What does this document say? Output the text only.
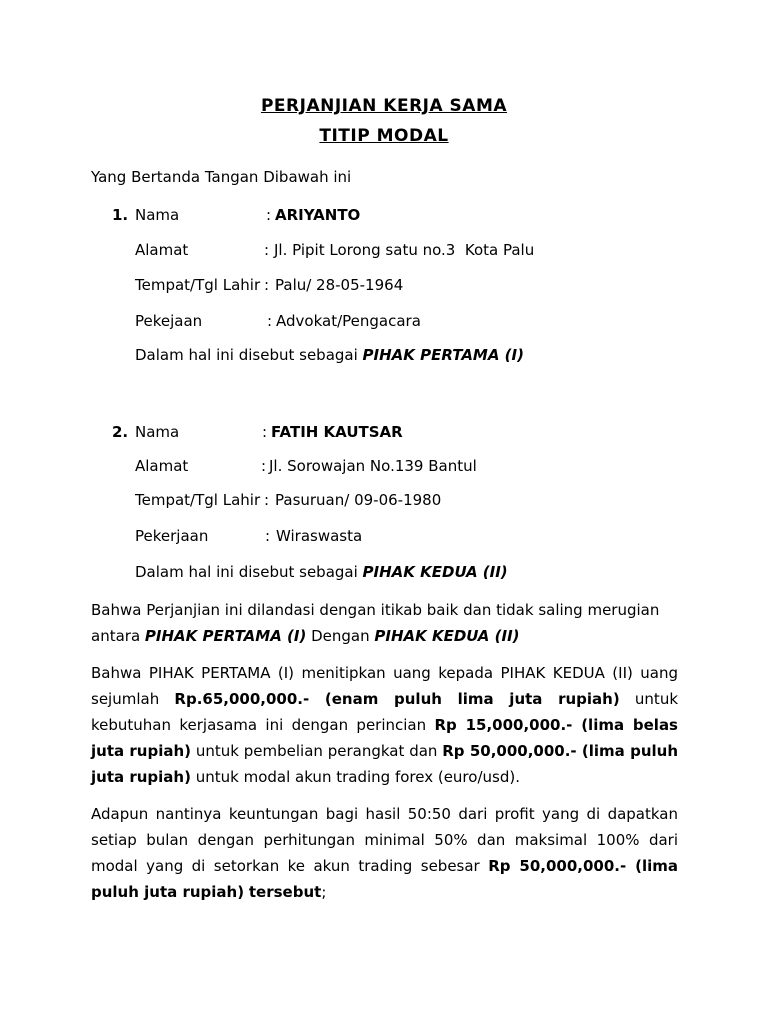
PERJANJIAN KERJA SAMA
TITIP MODAL
Yang Bertanda Tangan Dibawah ini
1. Nama	: ARIYANTO
Alamat	: Jl. Pipit Lorong satu no.3  Kota Palu
Tempat/Tgl Lahir : Palu/ 28-05-1964
Pekejaan	: Advokat/Pengacara
Dalam hal ini disebut sebagai PIHAK PERTAMA (I)
2. Nama	: FATIH KAUTSAR
Alamat	: Jl. Sorowajan No.139 Bantul
Tempat/Tgl Lahir : Pasuruan/ 09-06-1980
Pekerjaan	: Wiraswasta
Dalam hal ini disebut sebagai PIHAK KEDUA (II)
Bahwa Perjanjian ini dilandasi dengan itikab baik dan tidak saling merugian antara PIHAK PERTAMA (I) Dengan PIHAK KEDUA (II)
Bahwa PIHAK PERTAMA (I) menitipkan uang kepada PIHAK KEDUA (II) uang sejumlah Rp.65,000,000.- (enam puluh lima juta rupiah) untuk kebutuhan kerjasama ini dengan perincian Rp 15,000,000.- (lima belas juta rupiah) untuk pembelian perangkat dan Rp 50,000,000.- (lima puluh juta rupiah) untuk modal akun trading forex (euro/usd).
Adapun nantinya keuntungan bagi hasil 50:50 dari profit yang di dapatkan setiap bulan dengan perhitungan minimal 50% dan maksimal 100% dari modal yang di setorkan ke akun trading sebesar Rp 50,000,000.- (lima puluh juta rupiah) tersebut;
